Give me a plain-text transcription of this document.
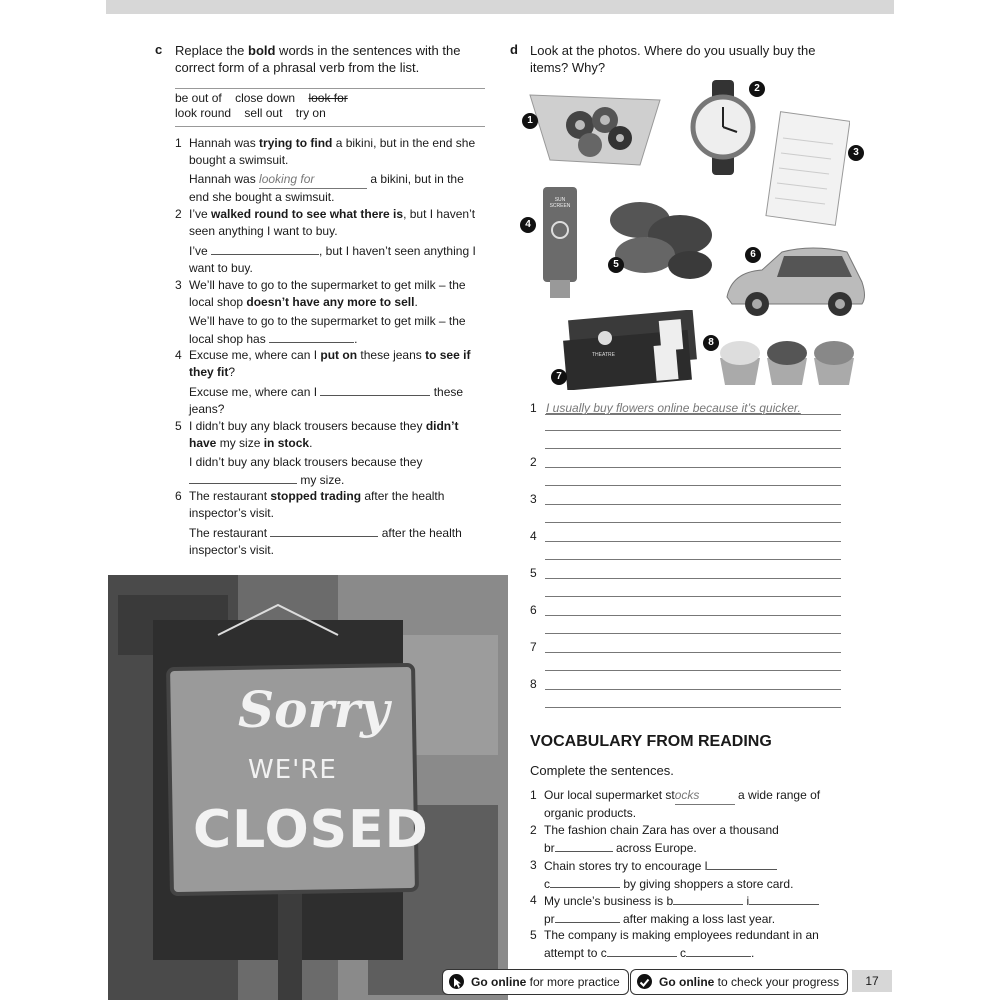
c Replace the bold words in the sentences with the correct form of a phrasal verb from the list.
be out of close down look for
look round sell out try on
1 Hannah was trying to find a bikini, but in the end she bought a swimsuit.
Hannah was looking for	a bikini, but in the end she bought a swimsuit.
2 I’ve walked round to see what there is, but I haven’t seen anything I want to buy.
I’ve	, but I haven’t seen anything I want to buy.
3 We’ll have to go to the supermarket to get milk – the local shop doesn’t have any more to sell.
We’ll have to go to the supermarket to get milk – the local shop has	.
4 Excuse me, where can I put on these jeans to see if they fit?
Excuse me, where can I	these jeans?
5 I didn’t buy any black trousers because they didn’t have my size in stock.
I didn’t buy any black trousers because they  my size.
6 The restaurant stopped trading after the health inspector’s visit.
The restaurant	after the health inspector’s visit.
Sorry
WE'RE
CLOSED
d Look at the photos. Where do you usually buy the items? Why?
1
2
3
SUN SCREEN
4
5
6
THEATRE
7
8
1 I usually buy flowers online because it’s quicker.
2
3
4
5
6
7
8
VOCABULARY FROM READING
Complete the sentences.
1 Our local supermarket stocks	a wide range of organic products.
2 The fashion chain Zara has over a thousand
br	across Europe.
3 Chain stores try to encourage l
c	by giving shoppers a store card.
4 My uncle’s business is b	i
pr	after making a loss last year.
5 The company is making employees redundant in an attempt to c	c	.
Go online for more practice	Go online to check your progress	17
